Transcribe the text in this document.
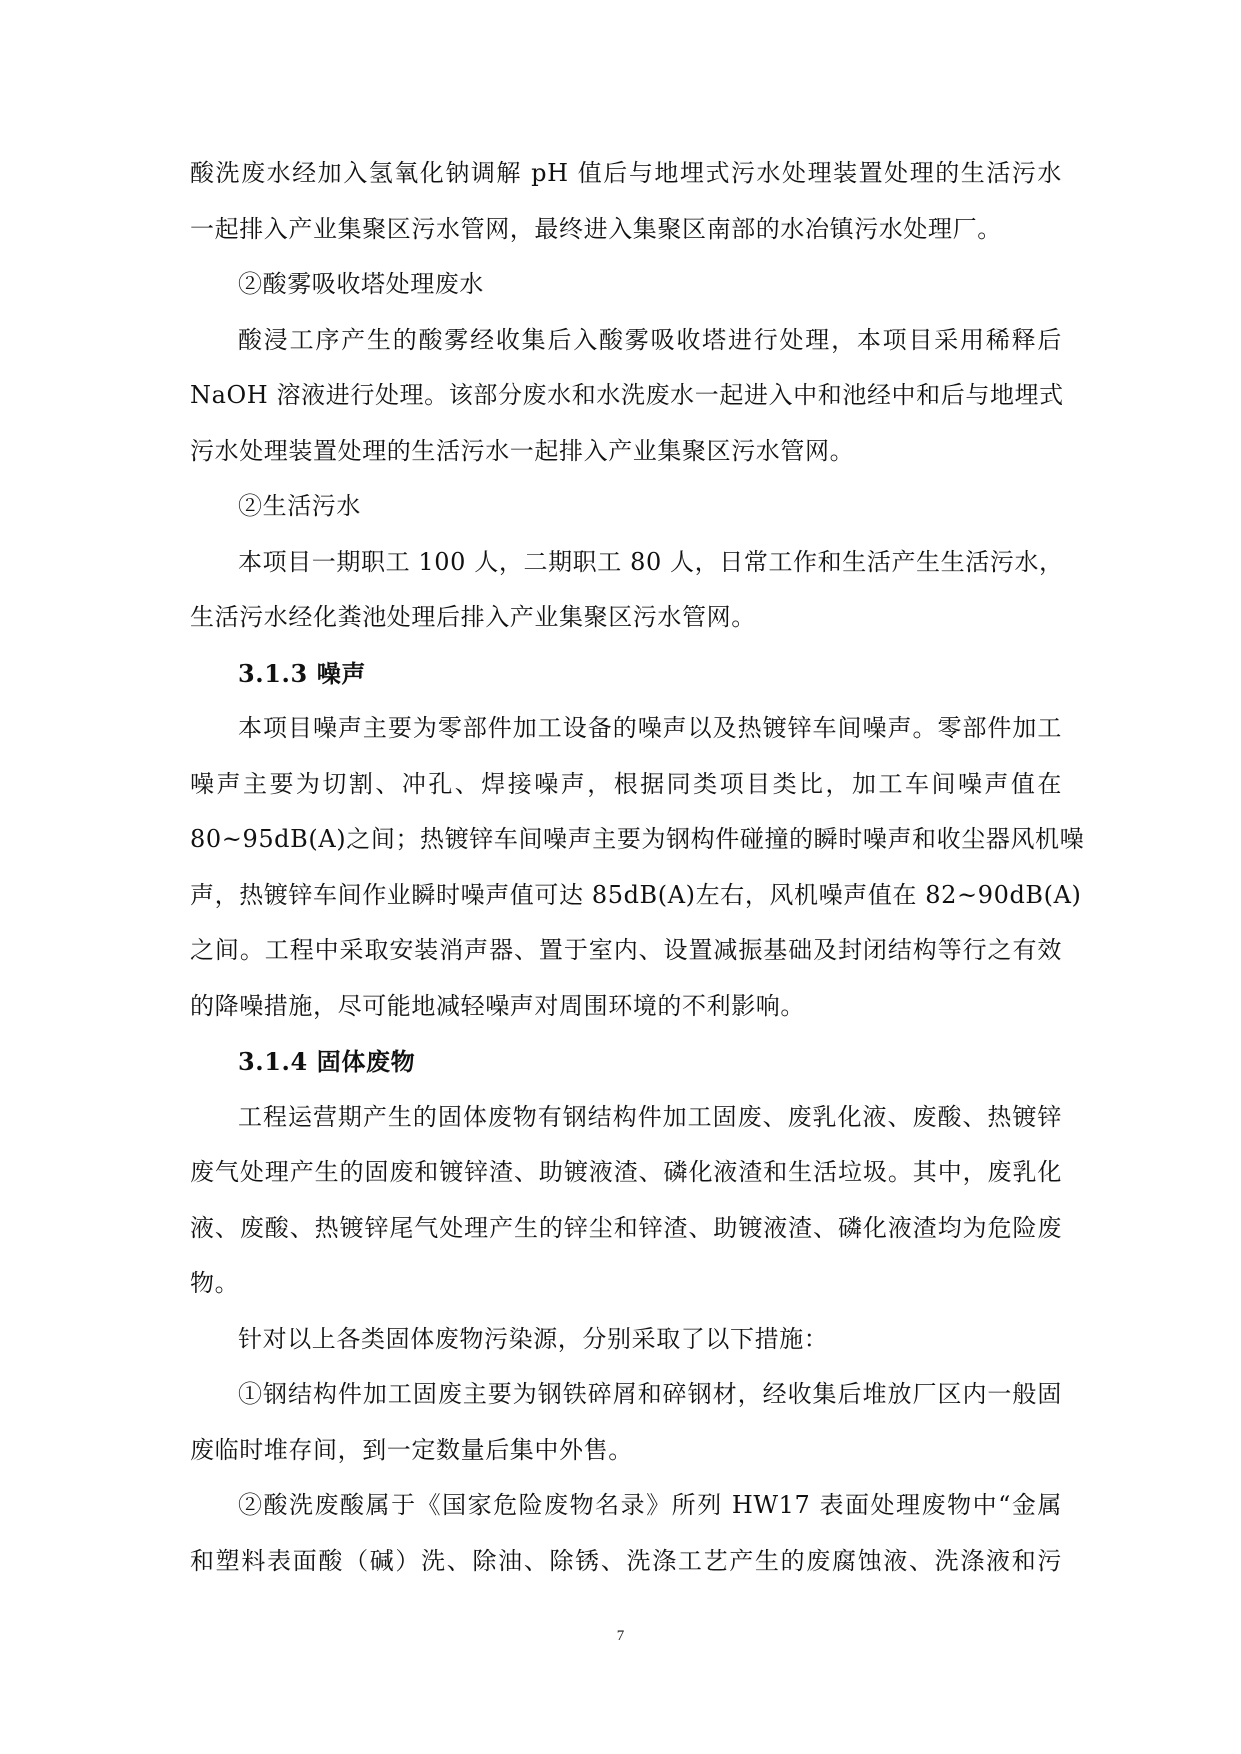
酸洗废水经加入氢氧化钠调解 pH 值后与地埋式污水处理装置处理的生活污水
一起排入产业集聚区污水管网，最终进入集聚区南部的水冶镇污水处理厂。
②酸雾吸收塔处理废水
酸浸工序产生的酸雾经收集后入酸雾吸收塔进行处理，本项目采用稀释后
NaOH 溶液进行处理。该部分废水和水洗废水一起进入中和池经中和后与地埋式
污水处理装置处理的生活污水一起排入产业集聚区污水管网。
②生活污水
本项目一期职工 100 人，二期职工 80 人，日常工作和生活产生生活污水，
生活污水经化粪池处理后排入产业集聚区污水管网。
3.1.3 噪声
本项目噪声主要为零部件加工设备的噪声以及热镀锌车间噪声。零部件加工
噪声主要为切割、冲孔、焊接噪声，根据同类项目类比，加工车间噪声值在
80~95dB(A)之间；热镀锌车间噪声主要为钢构件碰撞的瞬时噪声和收尘器风机噪
声，热镀锌车间作业瞬时噪声值可达 85dB(A)左右，风机噪声值在 82~90dB(A)
之间。工程中采取安装消声器、置于室内、设置减振基础及封闭结构等行之有效
的降噪措施，尽可能地减轻噪声对周围环境的不利影响。
3.1.4 固体废物
工程运营期产生的固体废物有钢结构件加工固废、废乳化液、废酸、热镀锌
废气处理产生的固废和镀锌渣、助镀液渣、磷化液渣和生活垃圾。其中，废乳化
液、废酸、热镀锌尾气处理产生的锌尘和锌渣、助镀液渣、磷化液渣均为危险废
物。
针对以上各类固体废物污染源，分别采取了以下措施：
①钢结构件加工固废主要为钢铁碎屑和碎钢材，经收集后堆放厂区内一般固
废临时堆存间，到一定数量后集中外售。
②酸洗废酸属于《国家危险废物名录》所列 HW17 表面处理废物中“金属
和塑料表面酸（碱）洗、除油、除锈、洗涤工艺产生的废腐蚀液、洗涤液和污
7
